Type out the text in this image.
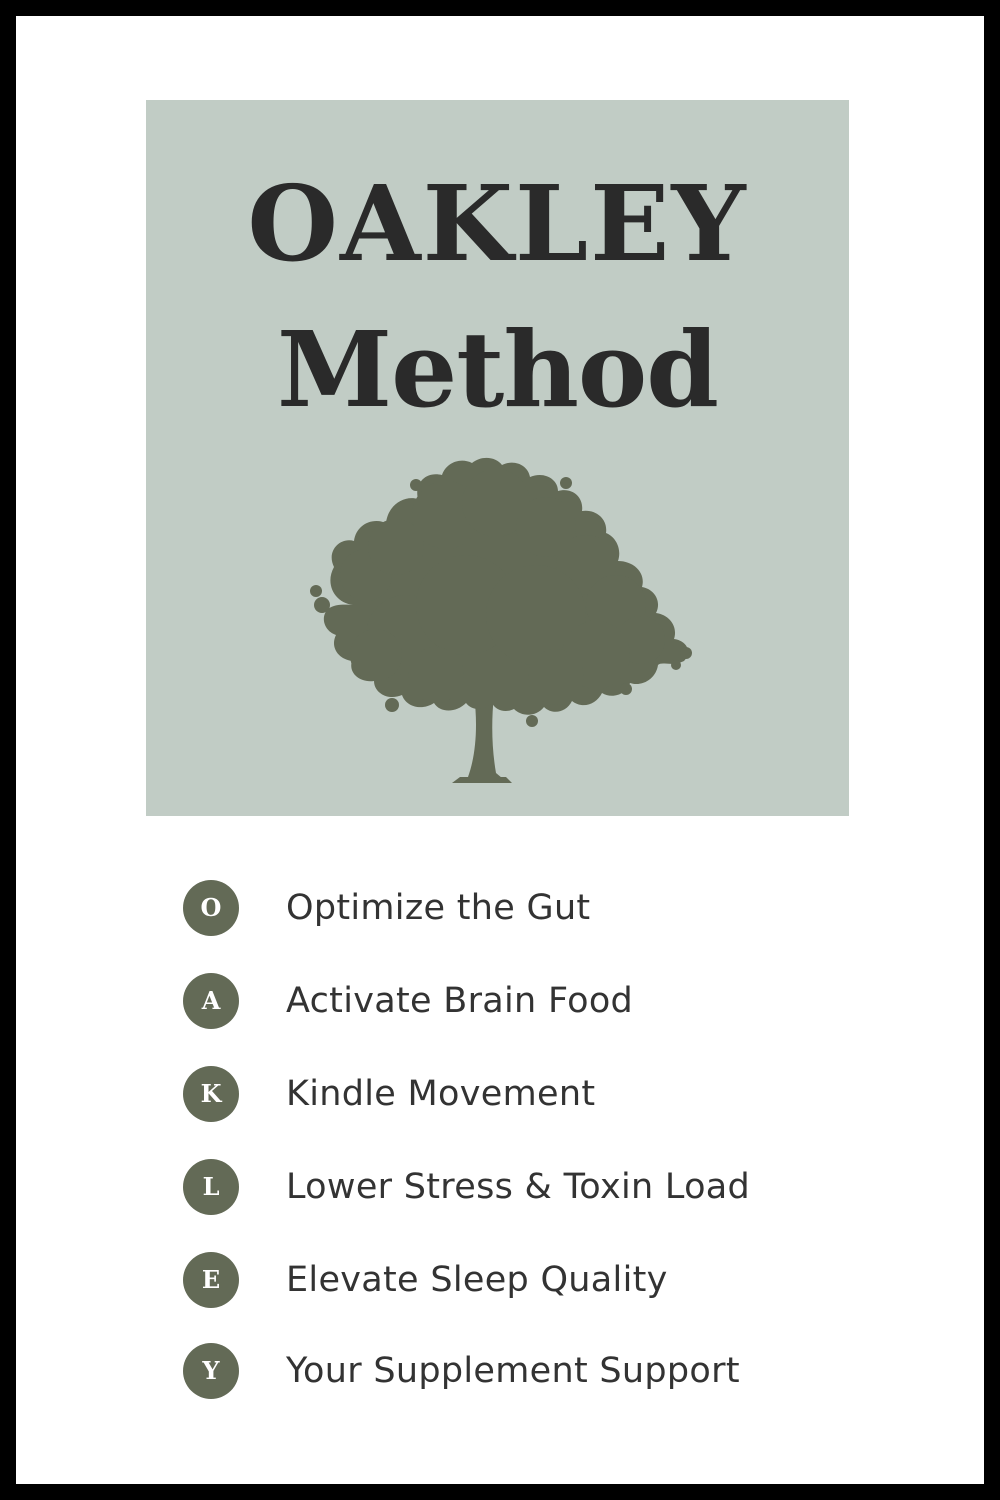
OAKLEY
Method
O	Optimize the Gut
A	Activate Brain Food
K	Kindle Movement
L	Lower Stress & Toxin Load
E	Elevate Sleep Quality
Y	Your Supplement Support
